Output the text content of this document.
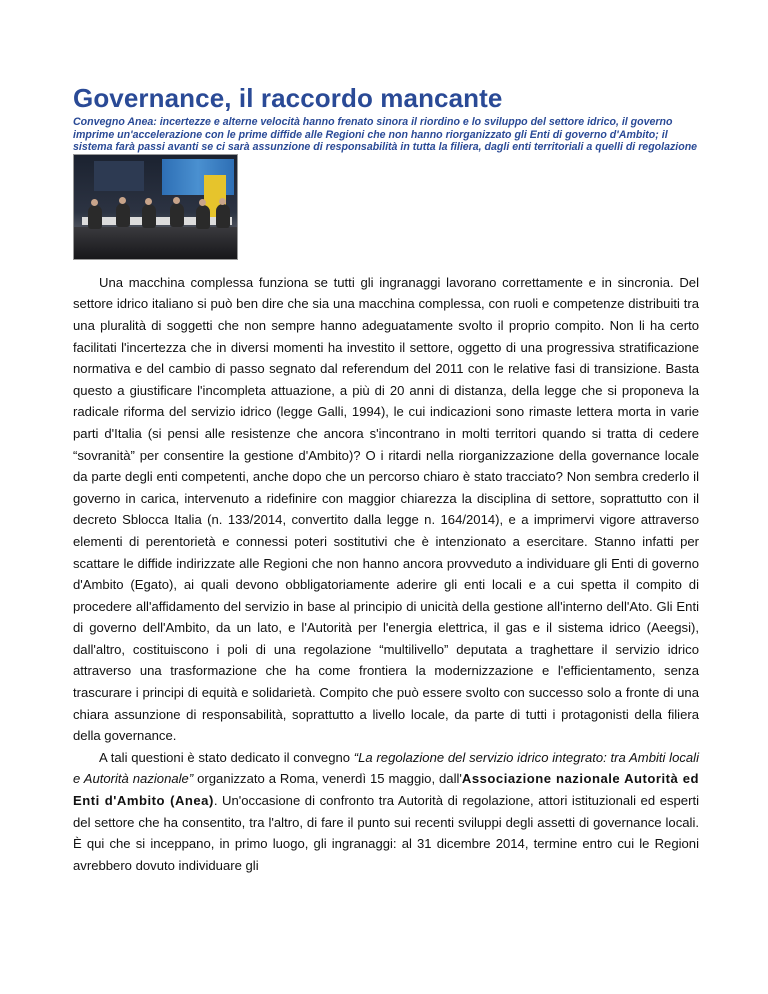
Governance, il raccordo mancante
Convegno Anea: incertezze e alterne velocità hanno frenato sinora il riordino e lo sviluppo del settore idrico, il governo imprime un'accelerazione con le prime diffide alle Regioni che non hanno riorganizzato gli Enti di governo d'Ambito; il sistema farà passi avanti se ci sarà assunzione di responsabilità in tutta la filiera, dagli enti territoriali a quelli di regolazione

Una macchina complessa funziona se tutti gli ingranaggi lavorano correttamente e in sincronia. Del settore idrico italiano si può ben dire che sia una macchina complessa, con ruoli e competenze distribuiti tra una pluralità di soggetti che non sempre hanno adeguatamente svolto il proprio compito. Non li ha certo facilitati l'incertezza che in diversi momenti ha investito il settore, oggetto di una progressiva stratificazione normativa e del cambio di passo segnato dal referendum del 2011 con le relative fasi di transizione. Basta questo a giustificare l'incompleta attuazione, a più di 20 anni di distanza, della legge che si proponeva la radicale riforma del servizio idrico (legge Galli, 1994), le cui indicazioni sono rimaste lettera morta in varie parti d'Italia (si pensi alle resistenze che ancora s'incontrano in molti territori quando si tratta di cedere “sovranità” per consentire la gestione d'Ambito)? O i ritardi nella riorganizzazione della governance locale da parte degli enti competenti, anche dopo che un percorso chiaro è stato tracciato? Non sembra crederlo il governo in carica, intervenuto a ridefinire con maggior chiarezza la disciplina di settore, soprattutto con il decreto Sblocca Italia (n. 133/2014, convertito dalla legge n. 164/2014), e a imprimervi vigore attraverso elementi di perentorietà e connessi poteri sostitutivi che è intenzionato a esercitare. Stanno infatti per scattare le diffide indirizzate alle Regioni che non hanno ancora provveduto a individuare gli Enti di governo d'Ambito (Egato), ai quali devono obbligatoriamente aderire gli enti locali e a cui spetta il compito di procedere all'affidamento del servizio in base al principio di unicità della gestione all'interno dell'Ato. Gli Enti di governo dell'Ambito, da un lato, e l'Autorità per l'energia elettrica, il gas e il sistema idrico (Aeegsi), dall'altro, costituiscono i poli di una regolazione “multilivello” deputata a traghettare il servizio idrico attraverso una trasformazione che ha come frontiera la modernizzazione e l'efficientamento, senza trascurare i principi di equità e solidarietà. Compito che può essere svolto con successo solo a fronte di una chiara assunzione di responsabilità, soprattutto a livello locale, da parte di tutti i protagonisti della filiera della governance.

A tali questioni è stato dedicato il convegno “La regolazione del servizio idrico integrato: tra Ambiti locali e Autorità nazionale” organizzato a Roma, venerdì 15 maggio, dall'Associazione nazionale Autorità ed Enti d'Ambito (Anea). Un'occasione di confronto tra Autorità di regolazione, attori istituzionali ed esperti del settore che ha consentito, tra l'altro, di fare il punto sui recenti sviluppi degli assetti di governance locali. È qui che si inceppano, in primo luogo, gli ingranaggi: al 31 dicembre 2014, termine entro cui le Regioni avrebbero dovuto individuare gli
